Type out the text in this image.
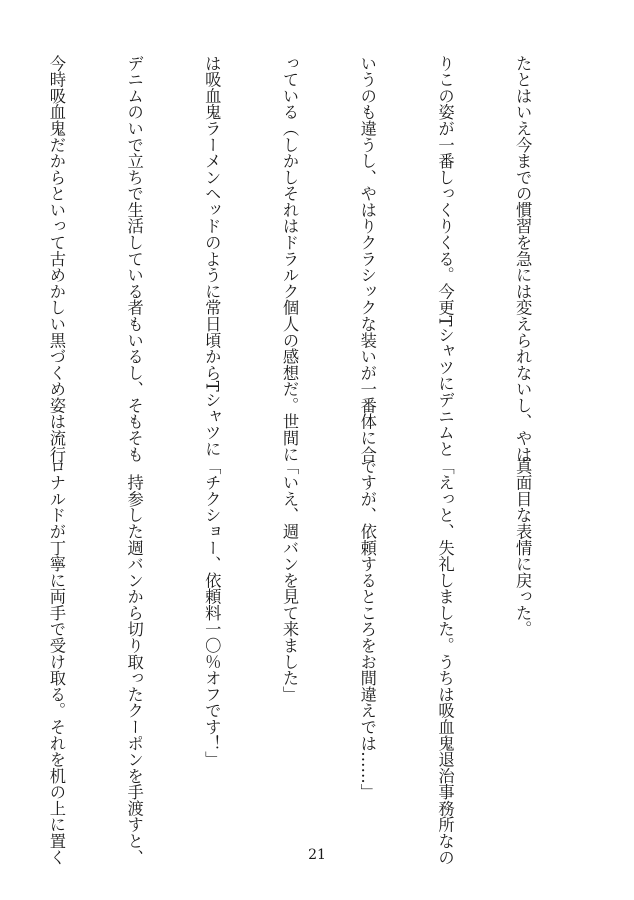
たとはいえ今までの慣習を急には変えられないし、やは

りこの姿が一番しっくりくる。今更Tシャツにデニムと

いうのも違うし、やはりクラシックな装いが一番体に合

っている（しかしそれはドラルク個人の感想だ。世間に

は吸血鬼ラーメンヘッドのように常日頃からTシャツに

デニムのいで立ちで生活している者もいるし、そもそも

今時吸血鬼だからといって古めかしい黒づくめ姿は流行

真面目な表情に戻った。

「えっと、失礼しました。うちは吸血鬼退治事務所なの

ですが、依頼するところをお間違えでは……」

「いえ、週バンを見て来ました」

「チクショー、依頼料一〇％オフです！」

　持参した週バンから切り取ったクーポンを手渡すと、

ロナルドが丁寧に両手で受け取る。それを机の上に置く

	21
